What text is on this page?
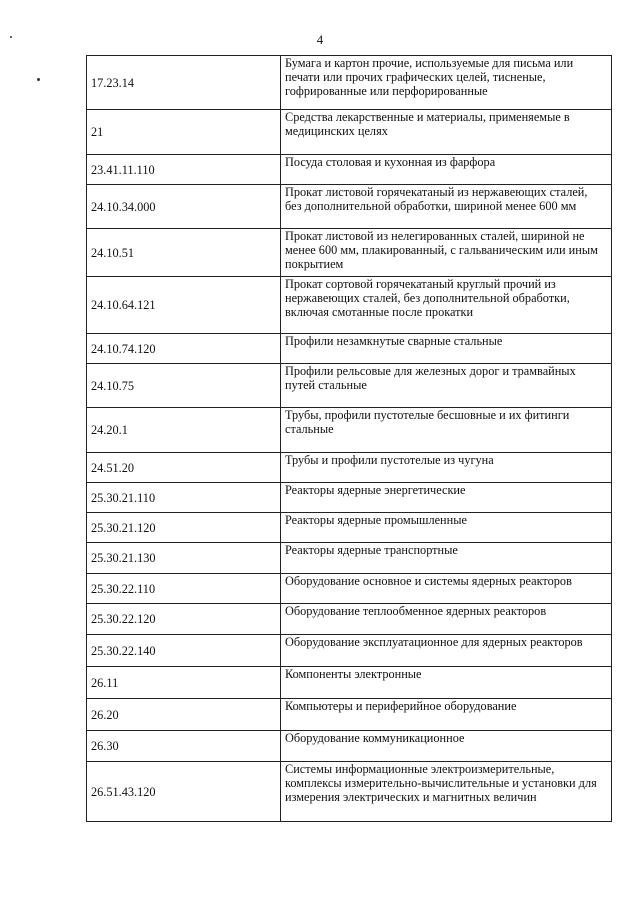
4
17.23.14	Бумага и картон прочие, используемые для письма или печати или прочих графических целей, тисненые, гофрированные или перфорированные
21	Средства лекарственные и материалы, применяемые в медицинских целях
23.41.11.110	Посуда столовая и кухонная из фарфора
24.10.34.000	Прокат листовой горячекатаный из нержавеющих сталей, без дополнительной обработки, шириной менее 600 мм
24.10.51	Прокат листовой из нелегированных сталей, шириной не менее 600 мм, плакированный, с гальваническим или иным покрытием
24.10.64.121	Прокат сортовой горячекатаный круглый прочий из нержавеющих сталей, без дополнительной обработки, включая смотанные после прокатки
24.10.74.120	Профили незамкнутые сварные стальные
24.10.75	Профили рельсовые для железных дорог и трамвайных путей стальные
24.20.1	Трубы, профили пустотелые бесшовные и их фитинги стальные
24.51.20	Трубы и профили пустотелые из чугуна
25.30.21.110	Реакторы ядерные энергетические
25.30.21.120	Реакторы ядерные промышленные
25.30.21.130	Реакторы ядерные транспортные
25.30.22.110	Оборудование основное и системы ядерных реакторов
25.30.22.120	Оборудование теплообменное ядерных реакторов
25.30.22.140	Оборудование эксплуатационное для ядерных реакторов
26.11	Компоненты электронные
26.20	Компьютеры и периферийное оборудование
26.30	Оборудование коммуникационное
26.51.43.120	Системы информационные электроизмерительные, комплексы измерительно-вычислительные и установки для измерения электрических и магнитных величин
